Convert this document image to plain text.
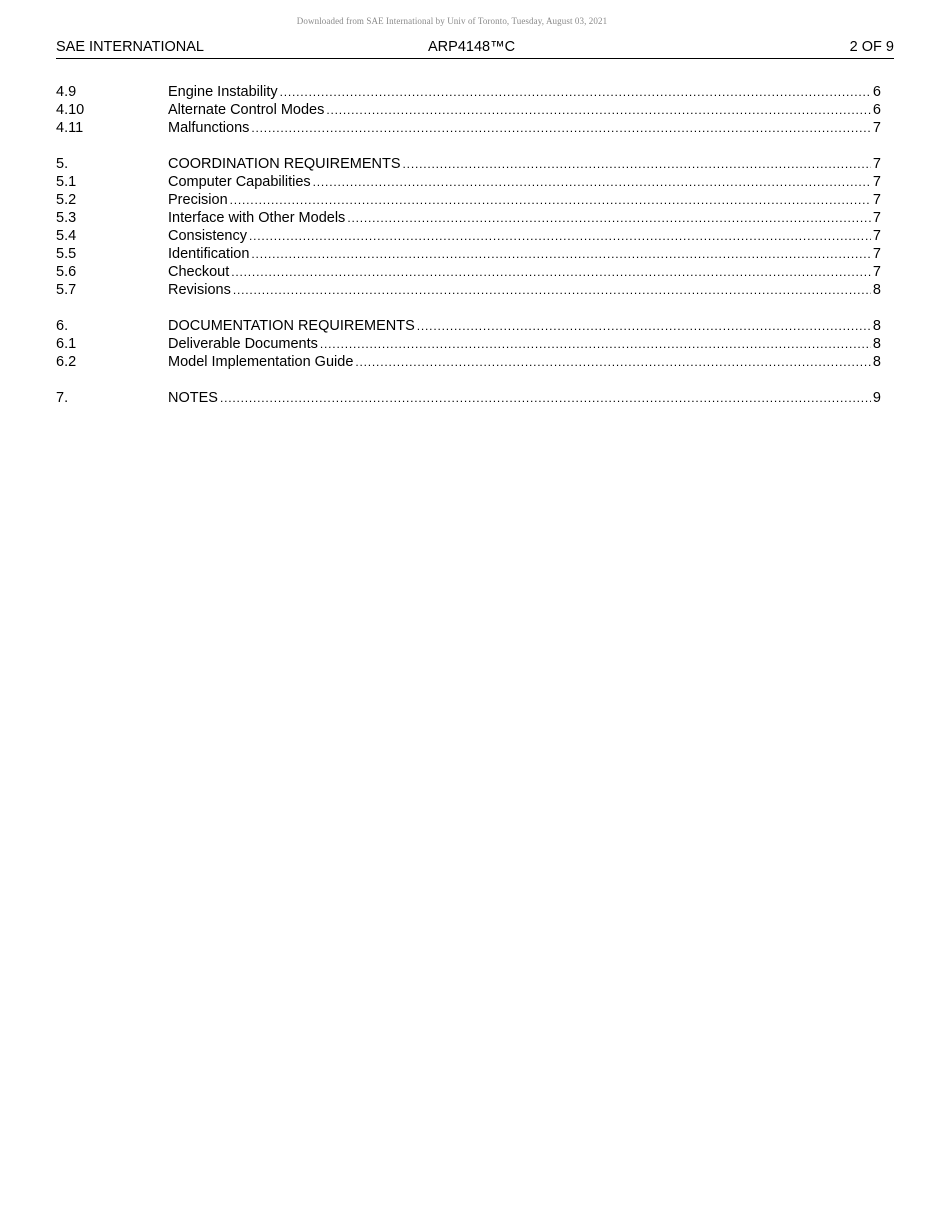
Downloaded from SAE International by Univ of Toronto, Tuesday, August 03, 2021
SAE INTERNATIONAL	ARP4148™C	2 OF 9
4.9	Engine Instability .....	6
4.10	Alternate Control Modes .....	6
4.11	Malfunctions .....	7
5.	COORDINATION REQUIREMENTS .....	7
5.1	Computer Capabilities .....	7
5.2	Precision .....	7
5.3	Interface with Other Models .....	7
5.4	Consistency .....	7
5.5	Identification .....	7
5.6	Checkout .....	7
5.7	Revisions .....	8
6.	DOCUMENTATION REQUIREMENTS .....	8
6.1	Deliverable Documents .....	8
6.2	Model Implementation Guide .....	8
7.	NOTES .....	9
